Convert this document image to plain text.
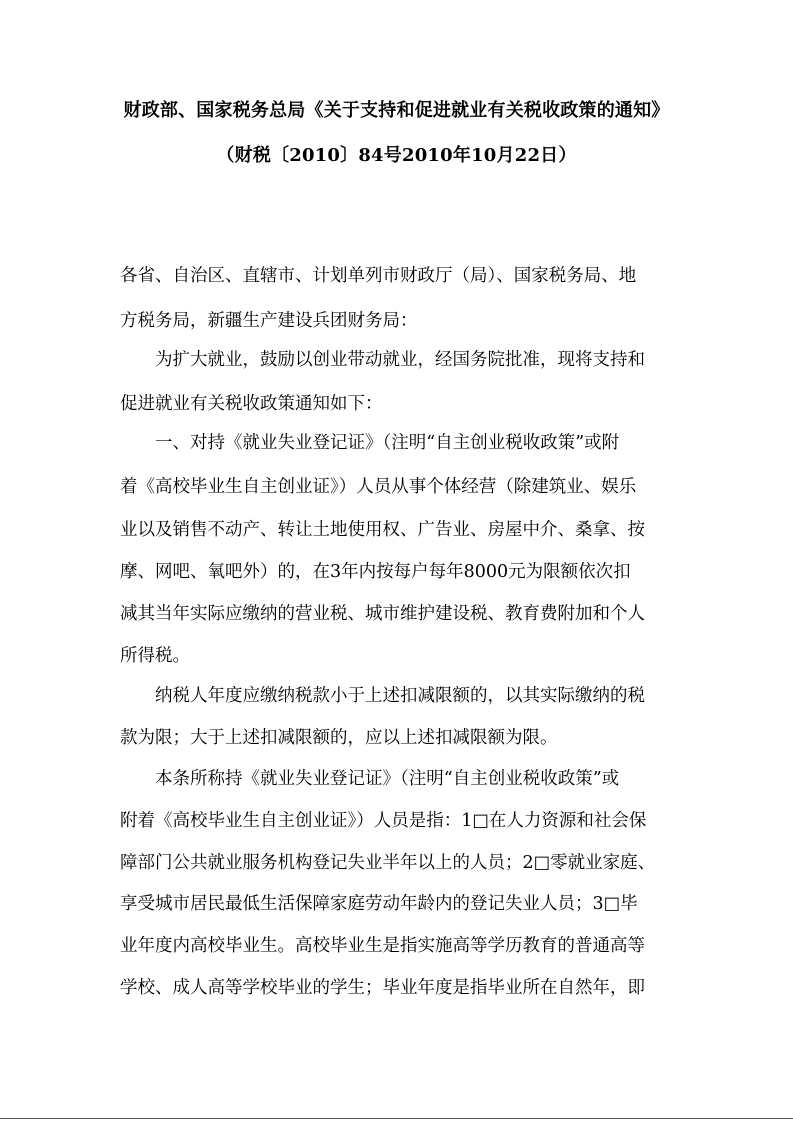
财政部、国家税务总局《关于支持和促进就业有关税收政策的通知》
（财税〔2010〕84号2010年10月22日）
各省、自治区、直辖市、计划单列市财政厅（局）、国家税务局、地
方税务局，新疆生产建设兵团财务局：
为扩大就业，鼓励以创业带动就业，经国务院批准，现将支持和
促进就业有关税收政策通知如下：
一、对持《就业失业登记证》（注明“自主创业税收政策”或附
着《高校毕业生自主创业证》）人员从事个体经营（除建筑业、娱乐
业以及销售不动产、转让土地使用权、广告业、房屋中介、桑拿、按
摩、网吧、氧吧外）的，在3年内按每户每年8000元为限额依次扣
减其当年实际应缴纳的营业税、城市维护建设税、教育费附加和个人
所得税。
纳税人年度应缴纳税款小于上述扣减限额的，以其实际缴纳的税
款为限；大于上述扣减限额的，应以上述扣减限额为限。
本条所称持《就业失业登记证》（注明“自主创业税收政策”或
附着《高校毕业生自主创业证》）人员是指：1□在人力资源和社会保
障部门公共就业服务机构登记失业半年以上的人员；2□零就业家庭、
享受城市居民最低生活保障家庭劳动年龄内的登记失业人员；3□毕
业年度内高校毕业生。高校毕业生是指实施高等学历教育的普通高等
学校、成人高等学校毕业的学生；毕业年度是指毕业所在自然年，即
